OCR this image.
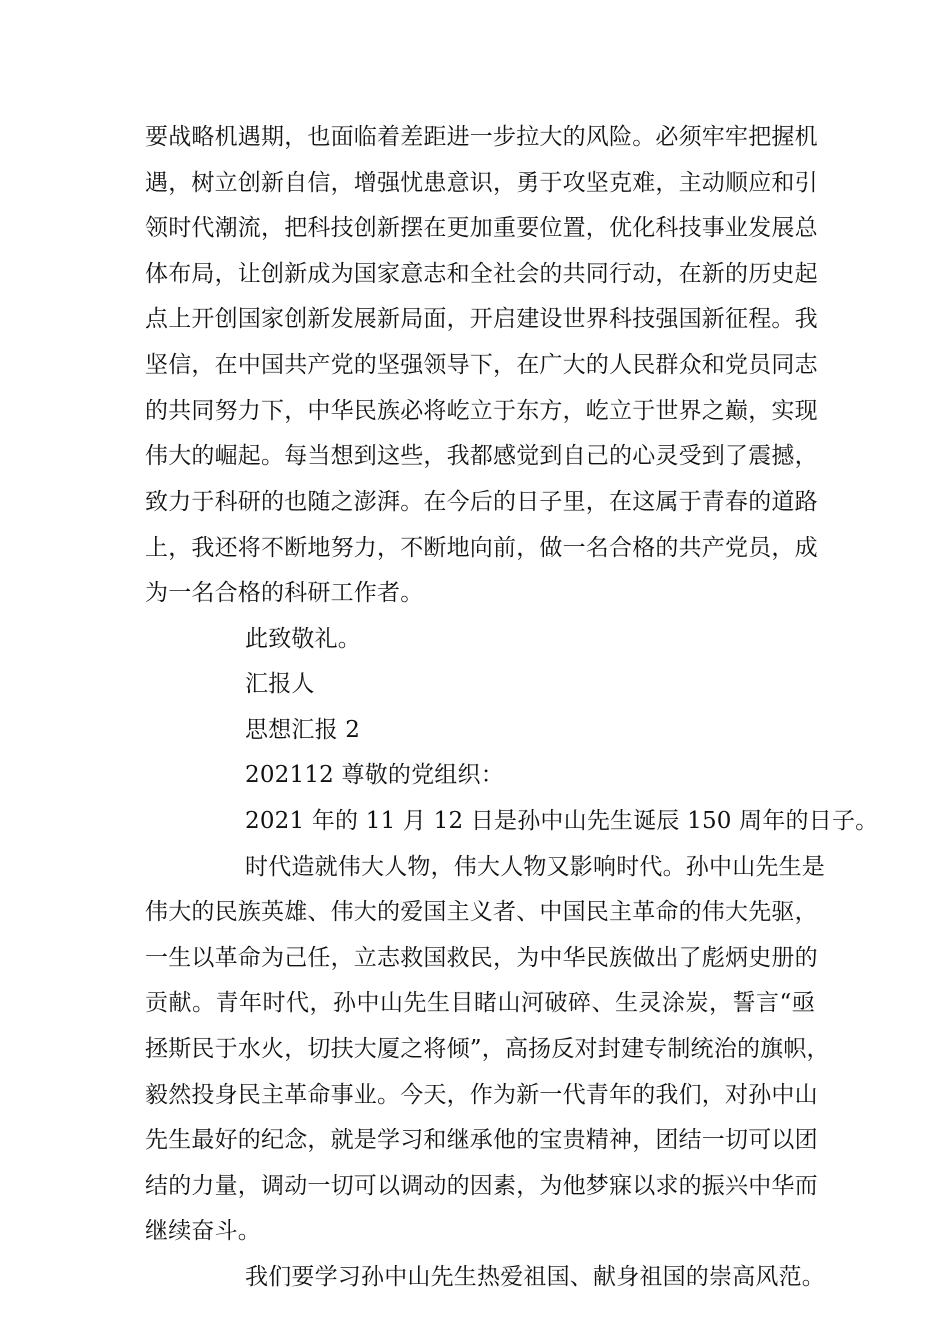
要战略机遇期，也面临着差距进一步拉大的风险。必须牢牢把握机
遇，树立创新自信，增强忧患意识，勇于攻坚克难，主动顺应和引
领时代潮流，把科技创新摆在更加重要位置，优化科技事业发展总
体布局，让创新成为国家意志和全社会的共同行动，在新的历史起
点上开创国家创新发展新局面，开启建设世界科技强国新征程。我
坚信，在中国共产党的坚强领导下，在广大的人民群众和党员同志
的共同努力下，中华民族必将屹立于东方，屹立于世界之巅，实现
伟大的崛起。每当想到这些，我都感觉到自己的心灵受到了震撼，
致力于科研的也随之澎湃。在今后的日子里，在这属于青春的道路
上，我还将不断地努力，不断地向前，做一名合格的共产党员，成
为一名合格的科研工作者。
此致敬礼。
汇报人
思想汇报 2
202112 尊敬的党组织：
2021 年的 11 月 12 日是孙中山先生诞辰 150 周年的日子。
时代造就伟大人物，伟大人物又影响时代。孙中山先生是
伟大的民族英雄、伟大的爱国主义者、中国民主革命的伟大先驱，
一生以革命为己任，立志救国救民，为中华民族做出了彪炳史册的
贡献。青年时代，孙中山先生目睹山河破碎、生灵涂炭，誓言“亟
拯斯民于水火，切扶大厦之将倾”，高扬反对封建专制统治的旗帜，
毅然投身民主革命事业。今天，作为新一代青年的我们，对孙中山
先生最好的纪念，就是学习和继承他的宝贵精神，团结一切可以团
结的力量，调动一切可以调动的因素，为他梦寐以求的振兴中华而
继续奋斗。
我们要学习孙中山先生热爱祖国、献身祖国的崇高风范。
